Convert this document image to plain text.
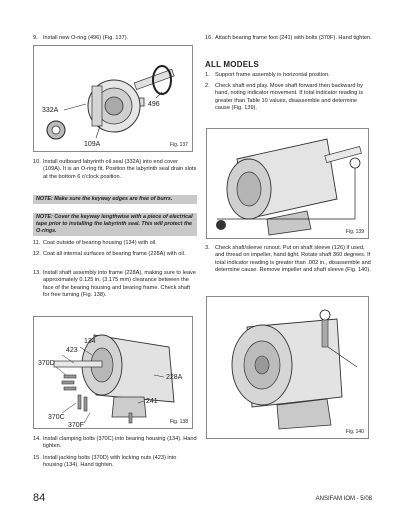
9. Install new O-ring (496) (Fig. 137).
332A
496
109A	Fig. 137
10. Install outboard labyrinth oil seal (332A) into end cover (109A). It is an O-ring fit. Position the labyrinth seal drain slots at the bottom 6 o'clock position.
NOTE: Make sure the keyway edges are free of burrs.
NOTE: Cover the keyway lengthwise with a piece of electrical tape prior to installing the labyrinth seal. This will protect the O-rings.
11. Coat outside of bearing housing (134) with oil.
12. Coat all internal surfaces of bearing frame (228A) with oil.
13. Install shaft assembly into frame (228A), making sure to leave approximately 0.125 in. (3.175 mm) clearance between the face of the bearing housing and bearing frame. Check shaft for free turning (Fig. 138).
134
423
370D
228A
241
370C
370F	Fig. 138
14. Install clamping bolts (370C) into bearing housing (134). Hand tighten.
15. Install jacking bolts (370D) with locking nuts (423) into housing (134). Hand tighten.
16. Attach bearing frame foot (241) with bolts (370F). Hand tighten.
ALL MODELS
1. Support frame assembly in horizontal position.
2. Check shaft end play. Move shaft forward then backward by hand, noting indicator movement. If total indicator reading is greater than Table 10 values, disassemble and determine cause (Fig. 139).
Fig. 139
3. Check shaft/sleeve runout. Put on shaft sleeve (126) if used, and thread on impeller, hand tight. Rotate shaft 360 degrees. If total indicator reading is greater than .002 in., disassemble and determine cause. Remove impeller and shaft sleeve (Fig. 140).
Fig. 140
84	ANSIFAM IOM - 5/08
